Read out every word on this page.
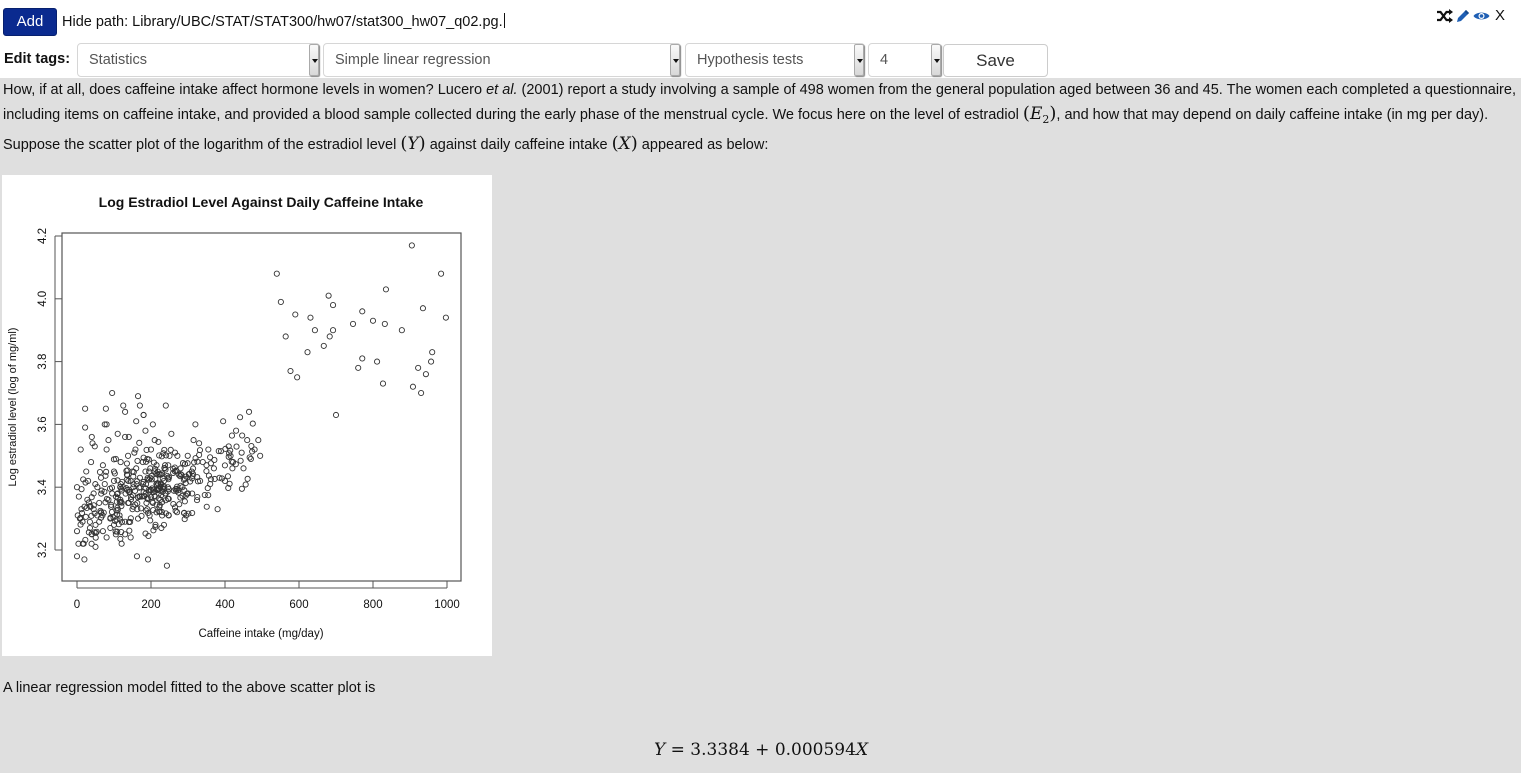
Add	Hide path: Library/UBC/STAT/STAT300/hw07/stat300_hw07_q02.pg.	X
Edit tags:	Statistics	Simple linear regression	Hypothesis tests	4	Save
How, if at all, does caffeine intake affect hormone levels in women? Lucero et al. (2001) report a study involving a sample of 498 women from the general population aged between 36 and 45. The women each completed a questionnaire, including items on caffeine intake, and provided a blood sample collected during the early phase of the menstrual cycle. We focus here on the level of estradiol $(E_2)$, and how that may depend on daily caffeine intake (in mg per day). Suppose the scatter plot of the logarithm of the estradiol level (Y) against daily caffeine intake (X) appeared as below:
Log Estradiol Level Against Daily Caffeine Intake
0	200	400	600	800	1000
3.2
3.4
3.6
3.8
4.0
4.2
Caffeine intake (mg/day)
Log estradiol level (log of mg/ml)
A linear regression model fitted to the above scatter plot is
Y = 3.3384 + 0.000594X
